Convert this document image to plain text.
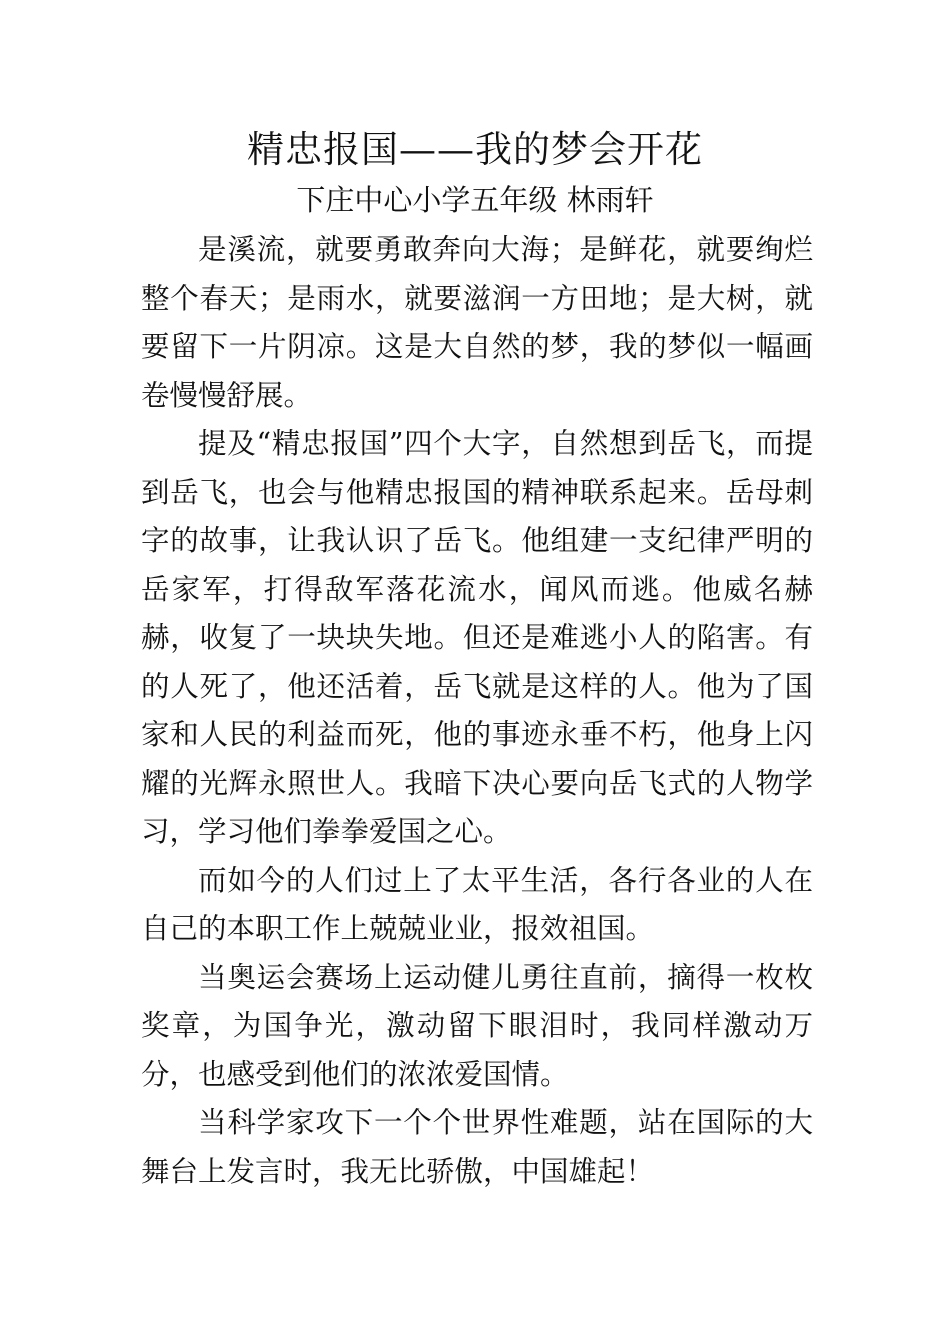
精忠报国——我的梦会开花
下庄中心小学五年级 林雨轩

是溪流，就要勇敢奔向大海；是鲜花，就要绚烂整个春天；是雨水，就要滋润一方田地；是大树，就要留下一片阴凉。这是大自然的梦，我的梦似一幅画卷慢慢舒展。

提及“精忠报国”四个大字，自然想到岳飞，而提到岳飞，也会与他精忠报国的精神联系起来。岳母刺字的故事，让我认识了岳飞。他组建一支纪律严明的岳家军，打得敌军落花流水，闻风而逃。他威名赫赫，收复了一块块失地。但还是难逃小人的陷害。有的人死了，他还活着，岳飞就是这样的人。他为了国家和人民的利益而死，他的事迹永垂不朽，他身上闪耀的光辉永照世人。我暗下决心要向岳飞式的人物学习，学习他们拳拳爱国之心。

而如今的人们过上了太平生活，各行各业的人在自己的本职工作上兢兢业业，报效祖国。

当奥运会赛场上运动健儿勇往直前，摘得一枚枚奖章，为国争光，激动留下眼泪时，我同样激动万分，也感受到他们的浓浓爱国情。

当科学家攻下一个个世界性难题，站在国际的大舞台上发言时，我无比骄傲，中国雄起！
